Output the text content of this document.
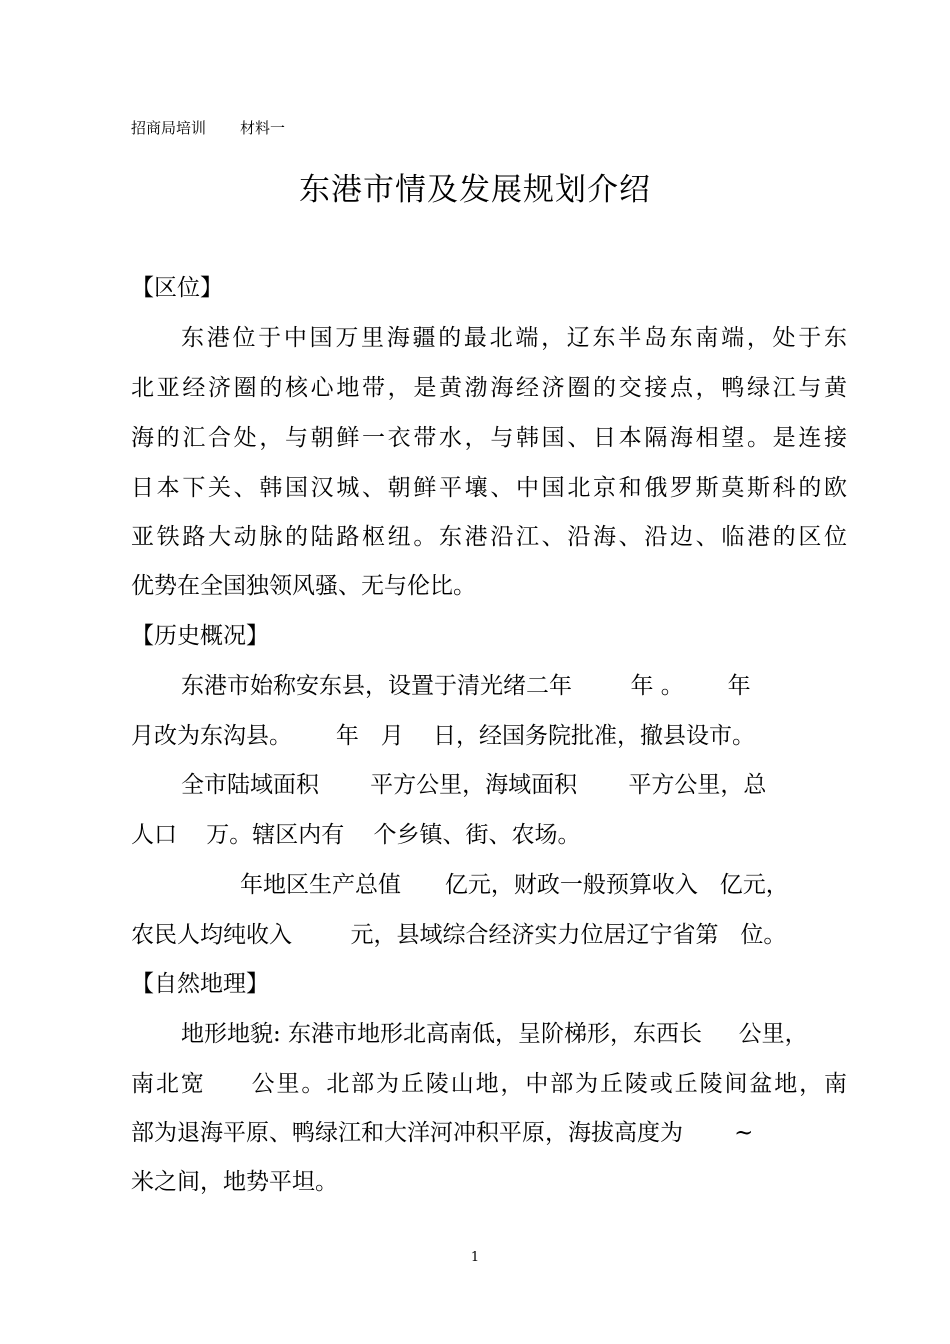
招商局培训 材料一
东港市情及发展规划介绍
【区位】
东港位于中国万里海疆的最北端，辽东半岛东南端，处于东
北亚经济圈的核心地带，是黄渤海经济圈的交接点，鸭绿江与黄
海的汇合处，与朝鲜一衣带水，与韩国、日本隔海相望。是连接
日本下关、韩国汉城、朝鲜平壤、中国北京和俄罗斯莫斯科的欧
亚铁路大动脉的陆路枢纽。东港沿江、沿海、沿边、临港的区位
优势在全国独领风骚、无与伦比。
【历史概况】
东港市始称安东县，设置于清光绪二年        年 。      年
月改为东沟县。      年   月    日，经国务院批准，撤县设市。
全市陆域面积       平方公里，海域面积       平方公里，总
人口    万。辖区内有    个乡镇、街、农场。
年地区生产总值      亿元，财政一般预算收入   亿元，
农民人均纯收入        元，县域综合经济实力位居辽宁省第   位。
【自然地理】
地形地貌: 东港市地形北高南低，呈阶梯形，东西长     公里，
南北宽     公里。北部为丘陵山地，中部为丘陵或丘陵间盆地，南
部为退海平原、鸭绿江和大洋河冲积平原，海拔高度为       ~
米之间，地势平坦。
1
